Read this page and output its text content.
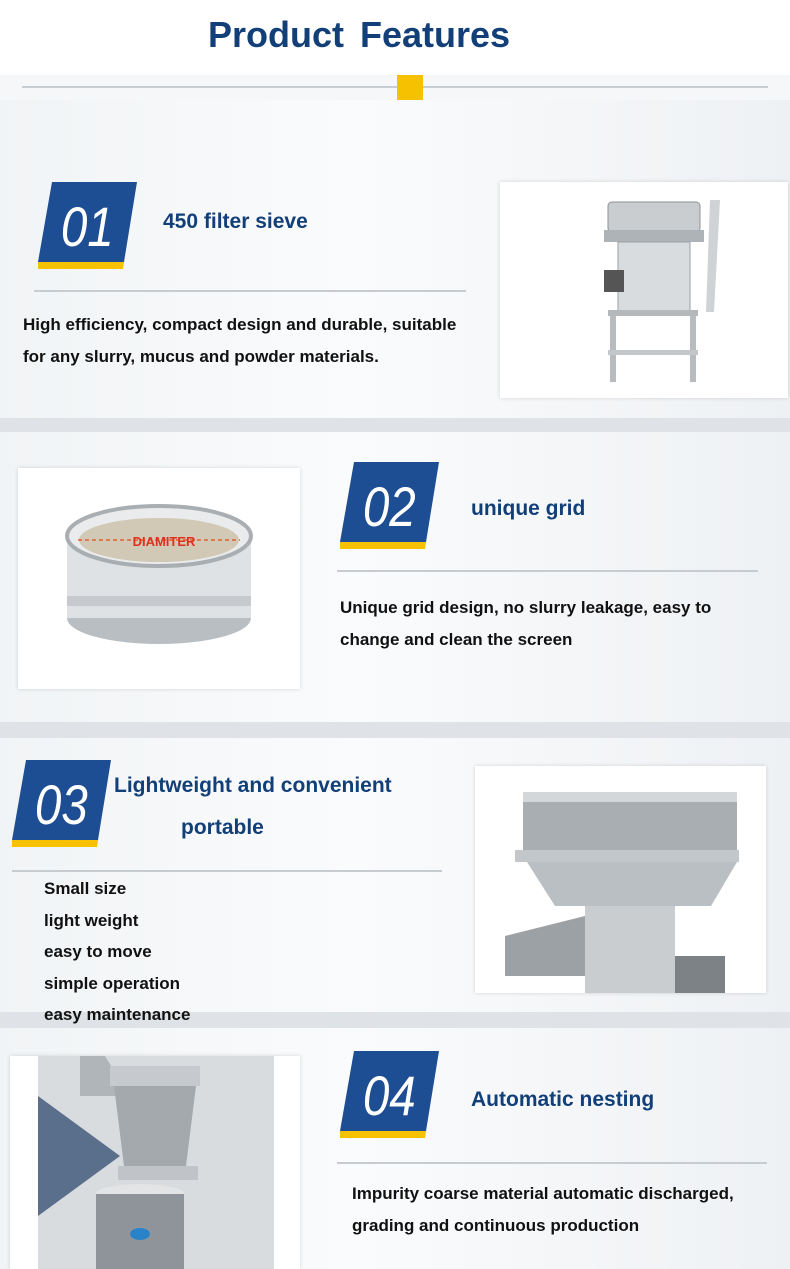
Product Features
01 450 filter sieve
High efficiency, compact design and durable, suitable
for any slurry, mucus and powder materials.
DIAMITER
02	unique grid
Unique grid design, no slurry leakage, easy to
change and clean the screen
03 Lightweight and convenient
portable
Small size
light weight
easy to move
simple operation
easy maintenance
04	Automatic nesting
Impurity coarse material automatic discharged,
grading and continuous production
